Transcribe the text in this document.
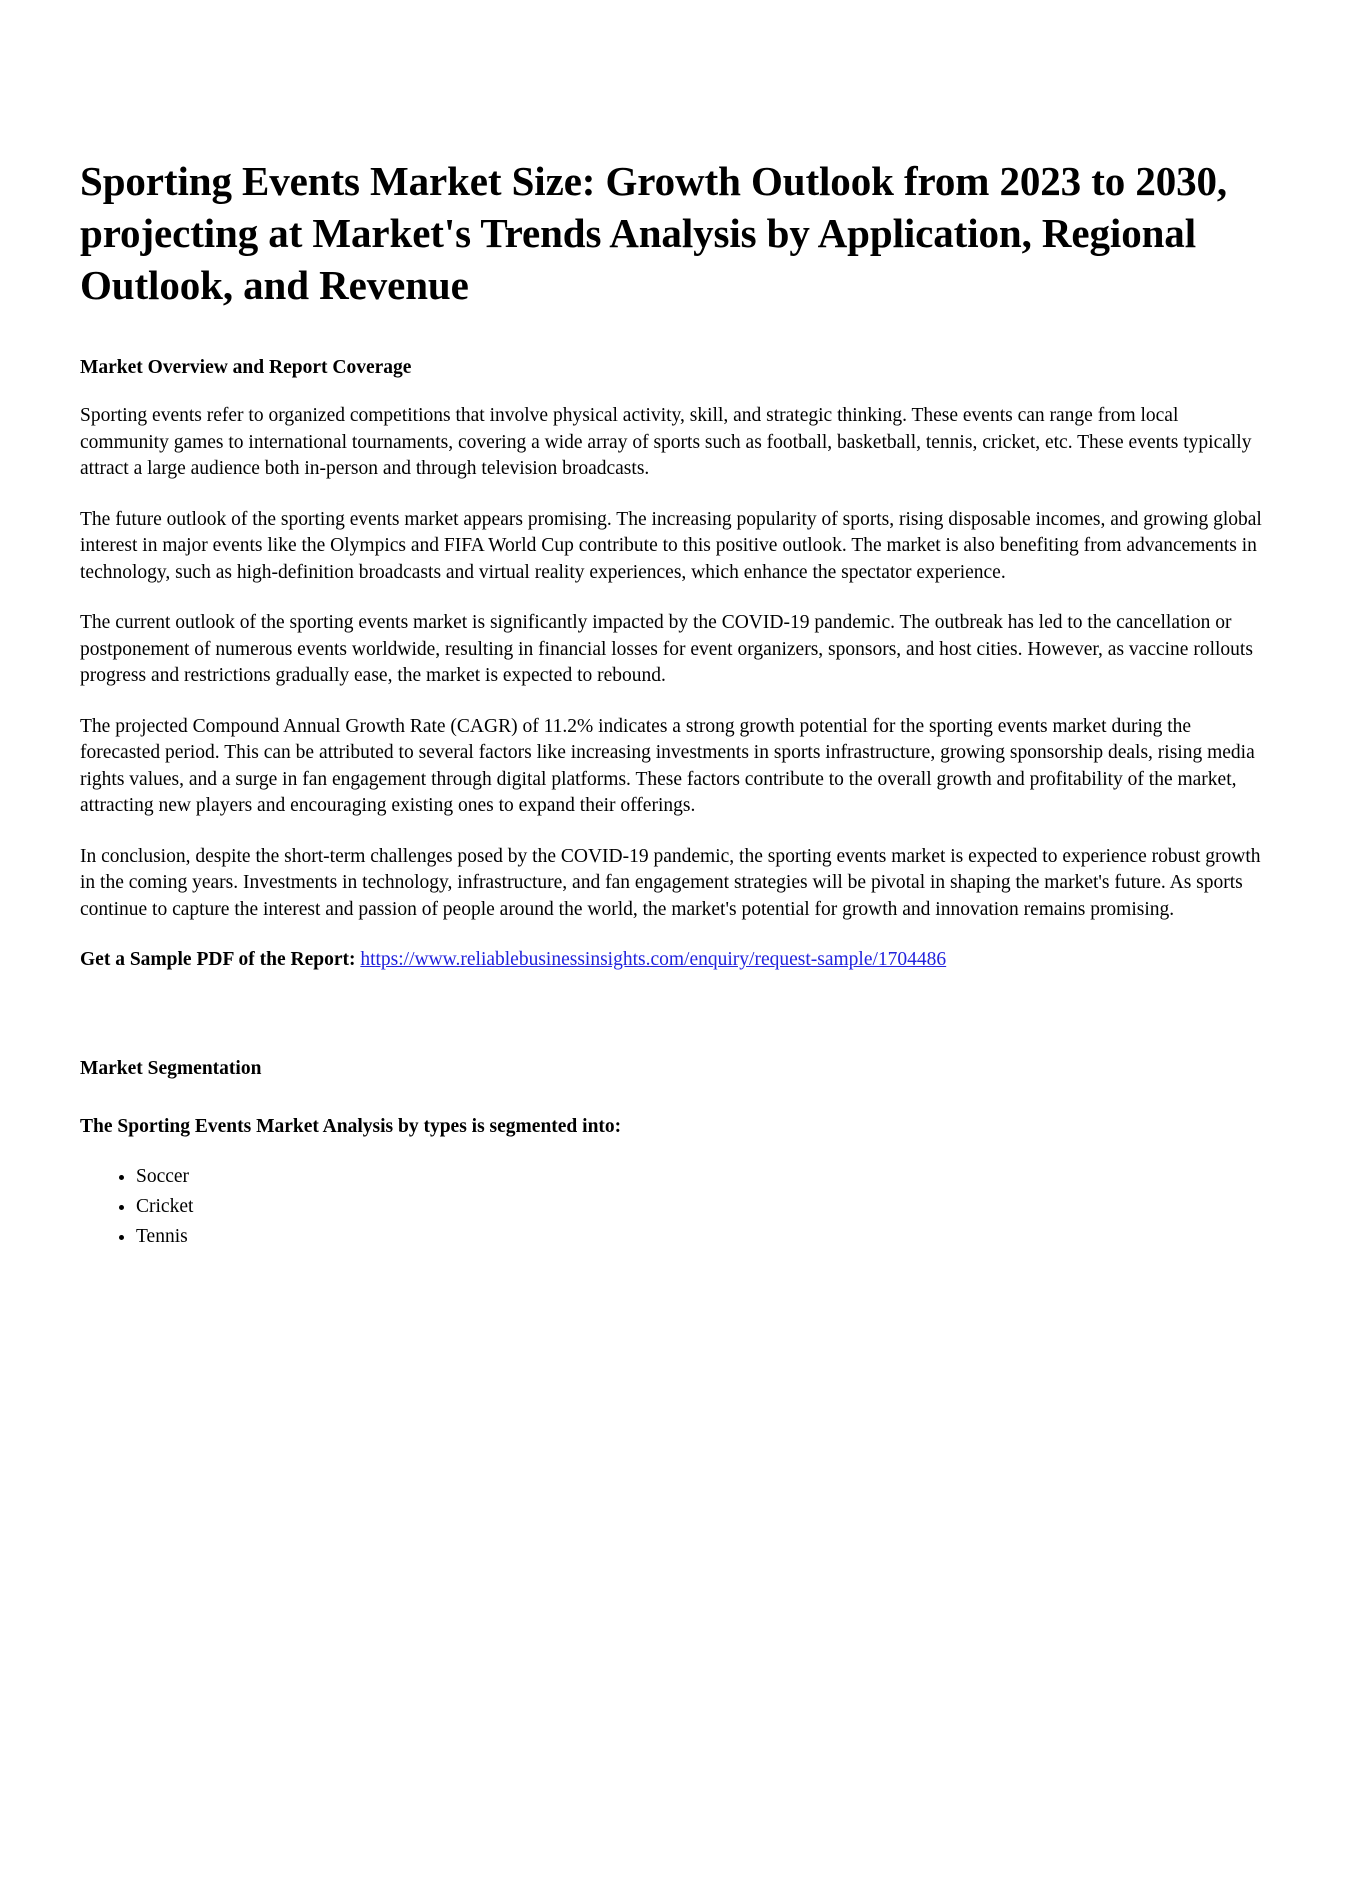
Sporting Events Market Size: Growth Outlook from 2023 to 2030, projecting at Market's Trends Analysis by Application, Regional Outlook, and Revenue
Market Overview and Report Coverage

Sporting events refer to organized competitions that involve physical activity, skill, and strategic thinking. These events can range from local community games to international tournaments, covering a wide array of sports such as football, basketball, tennis, cricket, etc. These events typically attract a large audience both in-person and through television broadcasts.

The future outlook of the sporting events market appears promising. The increasing popularity of sports, rising disposable incomes, and growing global interest in major events like the Olympics and FIFA World Cup contribute to this positive outlook. The market is also benefiting from advancements in technology, such as high-definition broadcasts and virtual reality experiences, which enhance the spectator experience.

The current outlook of the sporting events market is significantly impacted by the COVID-19 pandemic. The outbreak has led to the cancellation or postponement of numerous events worldwide, resulting in financial losses for event organizers, sponsors, and host cities. However, as vaccine rollouts progress and restrictions gradually ease, the market is expected to rebound.

The projected Compound Annual Growth Rate (CAGR) of 11.2% indicates a strong growth potential for the sporting events market during the forecasted period. This can be attributed to several factors like increasing investments in sports infrastructure, growing sponsorship deals, rising media rights values, and a surge in fan engagement through digital platforms. These factors contribute to the overall growth and profitability of the market, attracting new players and encouraging existing ones to expand their offerings.

In conclusion, despite the short-term challenges posed by the COVID-19 pandemic, the sporting events market is expected to experience robust growth in the coming years. Investments in technology, infrastructure, and fan engagement strategies will be pivotal in shaping the market's future. As sports continue to capture the interest and passion of people around the world, the market's potential for growth and innovation remains promising.

Get a Sample PDF of the Report: https://www.reliablebusinessinsights.com/enquiry/request-sample/1704486

Market Segmentation
The Sporting Events Market Analysis by types is segmented into:
• Soccer
• Cricket
• Tennis
